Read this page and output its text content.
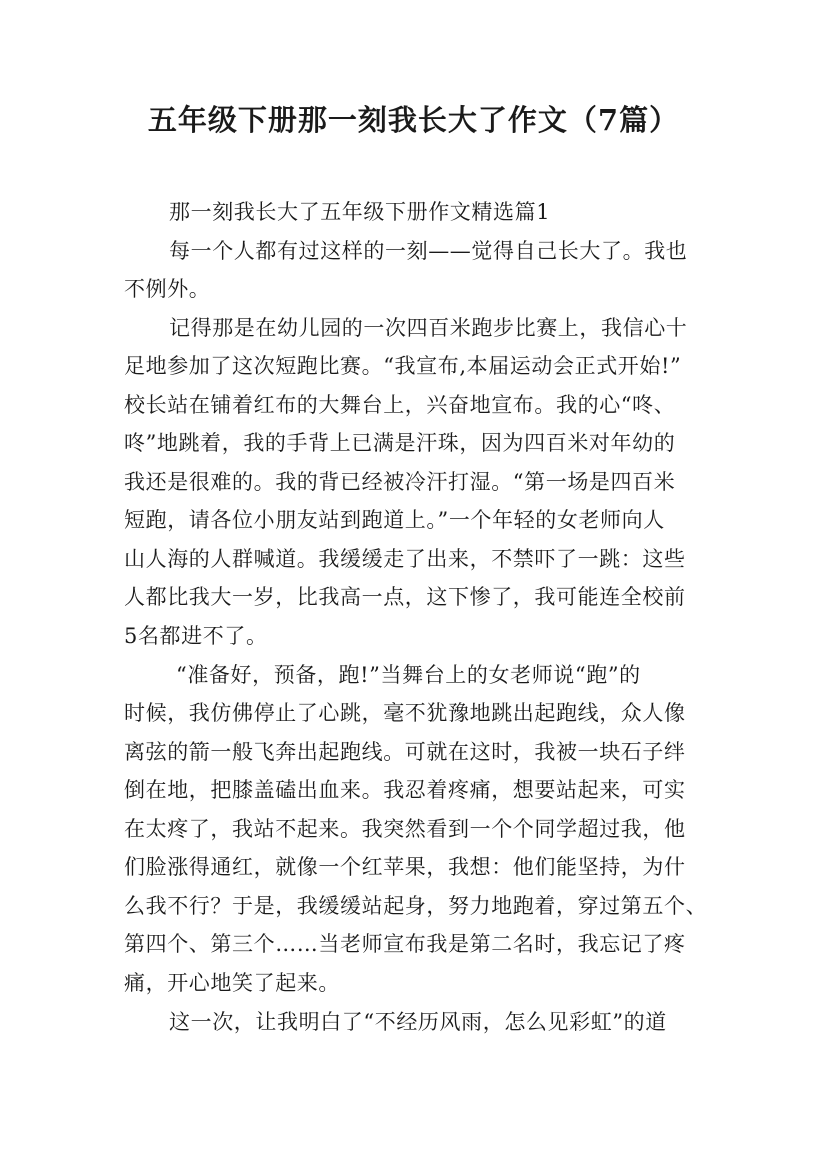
五年级下册那一刻我长大了作文（7篇）

那一刻我长大了五年级下册作文精选篇1

每一个人都有过这样的一刻——觉得自己长大了。我也

不例外。

记得那是在幼儿园的一次四百米跑步比赛上，我信心十

足地参加了这次短跑比赛。“我宣布,本届运动会正式开始!”

校长站在铺着红布的大舞台上，兴奋地宣布。我的心“咚、

咚”地跳着，我的手背上已满是汗珠，因为四百米对年幼的

我还是很难的。我的背已经被冷汗打湿。“第一场是四百米

短跑，请各位小朋友站到跑道上。”一个年轻的女老师向人

山人海的人群喊道。我缓缓走了出来，不禁吓了一跳：这些

人都比我大一岁，比我高一点，这下惨了，我可能连全校前

5名都进不了。

“准备好，预备，跑!”当舞台上的女老师说“跑”的

时候，我仿佛停止了心跳，毫不犹豫地跳出起跑线，众人像

离弦的箭一般飞奔出起跑线。可就在这时，我被一块石子绊

倒在地，把膝盖磕出血来。我忍着疼痛，想要站起来，可实

在太疼了，我站不起来。我突然看到一个个同学超过我，他

们脸涨得通红，就像一个红苹果，我想：他们能坚持，为什

么我不行？于是，我缓缓站起身，努力地跑着，穿过第五个、

第四个、第三个……当老师宣布我是第二名时，我忘记了疼

痛，开心地笑了起来。

这一次，让我明白了“不经历风雨，怎么见彩虹”的道
